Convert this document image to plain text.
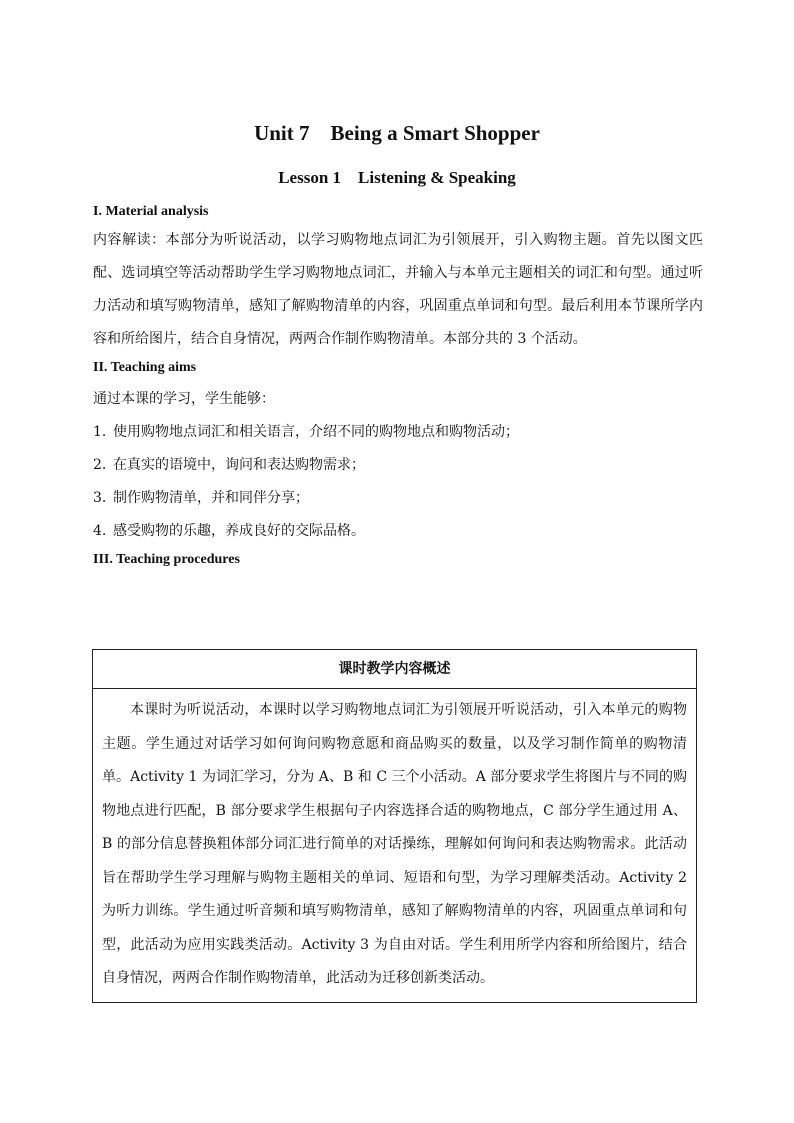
Unit 7    Being a Smart Shopper
Lesson 1    Listening & Speaking
I. Material analysis
内容解读：本部分为听说活动，以学习购物地点词汇为引领展开，引入购物主题。首先以图文匹配、选词填空等活动帮助学生学习购物地点词汇，并输入与本单元主题相关的词汇和句型。通过听力活动和填写购物清单，感知了解购物清单的内容，巩固重点单词和句型。最后利用本节课所学内容和所给图片，结合自身情况，两两合作制作购物清单。本部分共的 3 个活动。
II. Teaching aims
通过本课的学习，学生能够：
1. 使用购物地点词汇和相关语言，介绍不同的购物地点和购物活动；
2. 在真实的语境中，询问和表达购物需求；
3. 制作购物清单，并和同伴分享；
4. 感受购物的乐趣，养成良好的交际品格。
III. Teaching procedures
课时教学内容概述
本课时为听说活动，本课时以学习购物地点词汇为引领展开听说活动，引入本单元的购物主题。学生通过对话学习如何询问购物意愿和商品购买的数量，以及学习制作简单的购物清单。Activity 1 为词汇学习，分为 A、B 和 C 三个小活动。A 部分要求学生将图片与不同的购物地点进行匹配，B 部分要求学生根据句子内容选择合适的购物地点，C 部分学生通过用 A、B 的部分信息替换粗体部分词汇进行简单的对话操练，理解如何询问和表达购物需求。此活动旨在帮助学生学习理解与购物主题相关的单词、短语和句型，为学习理解类活动。Activity 2 为听力训练。学生通过听音频和填写购物清单，感知了解购物清单的内容，巩固重点单词和句型，此活动为应用实践类活动。Activity 3 为自由对话。学生利用所学内容和所给图片，结合自身情况，两两合作制作购物清单，此活动为迁移创新类活动。
